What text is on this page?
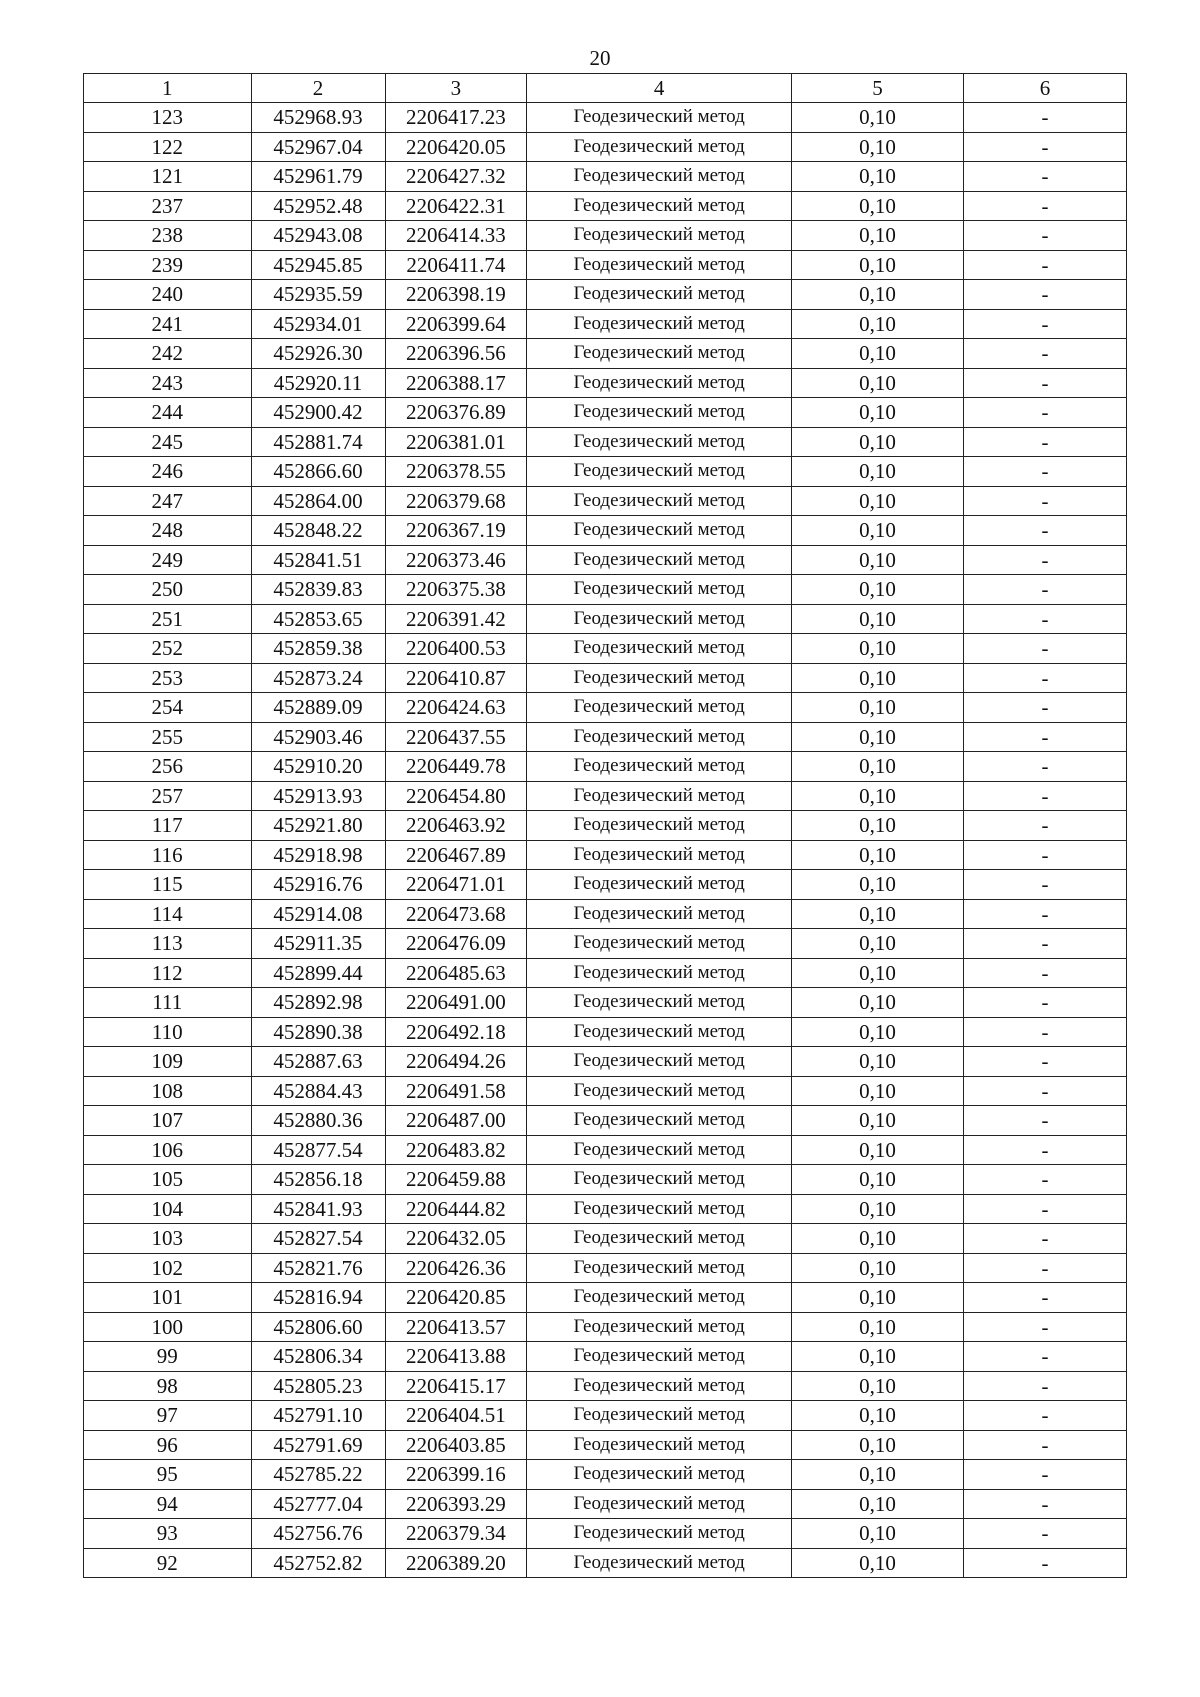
20
1	2	3	4	5	6
123	452968.93	2206417.23	Геодезический метод	0,10	-
122	452967.04	2206420.05	Геодезический метод	0,10	-
121	452961.79	2206427.32	Геодезический метод	0,10	-
237	452952.48	2206422.31	Геодезический метод	0,10	-
238	452943.08	2206414.33	Геодезический метод	0,10	-
239	452945.85	2206411.74	Геодезический метод	0,10	-
240	452935.59	2206398.19	Геодезический метод	0,10	-
241	452934.01	2206399.64	Геодезический метод	0,10	-
242	452926.30	2206396.56	Геодезический метод	0,10	-
243	452920.11	2206388.17	Геодезический метод	0,10	-
244	452900.42	2206376.89	Геодезический метод	0,10	-
245	452881.74	2206381.01	Геодезический метод	0,10	-
246	452866.60	2206378.55	Геодезический метод	0,10	-
247	452864.00	2206379.68	Геодезический метод	0,10	-
248	452848.22	2206367.19	Геодезический метод	0,10	-
249	452841.51	2206373.46	Геодезический метод	0,10	-
250	452839.83	2206375.38	Геодезический метод	0,10	-
251	452853.65	2206391.42	Геодезический метод	0,10	-
252	452859.38	2206400.53	Геодезический метод	0,10	-
253	452873.24	2206410.87	Геодезический метод	0,10	-
254	452889.09	2206424.63	Геодезический метод	0,10	-
255	452903.46	2206437.55	Геодезический метод	0,10	-
256	452910.20	2206449.78	Геодезический метод	0,10	-
257	452913.93	2206454.80	Геодезический метод	0,10	-
117	452921.80	2206463.92	Геодезический метод	0,10	-
116	452918.98	2206467.89	Геодезический метод	0,10	-
115	452916.76	2206471.01	Геодезический метод	0,10	-
114	452914.08	2206473.68	Геодезический метод	0,10	-
113	452911.35	2206476.09	Геодезический метод	0,10	-
112	452899.44	2206485.63	Геодезический метод	0,10	-
111	452892.98	2206491.00	Геодезический метод	0,10	-
110	452890.38	2206492.18	Геодезический метод	0,10	-
109	452887.63	2206494.26	Геодезический метод	0,10	-
108	452884.43	2206491.58	Геодезический метод	0,10	-
107	452880.36	2206487.00	Геодезический метод	0,10	-
106	452877.54	2206483.82	Геодезический метод	0,10	-
105	452856.18	2206459.88	Геодезический метод	0,10	-
104	452841.93	2206444.82	Геодезический метод	0,10	-
103	452827.54	2206432.05	Геодезический метод	0,10	-
102	452821.76	2206426.36	Геодезический метод	0,10	-
101	452816.94	2206420.85	Геодезический метод	0,10	-
100	452806.60	2206413.57	Геодезический метод	0,10	-
99	452806.34	2206413.88	Геодезический метод	0,10	-
98	452805.23	2206415.17	Геодезический метод	0,10	-
97	452791.10	2206404.51	Геодезический метод	0,10	-
96	452791.69	2206403.85	Геодезический метод	0,10	-
95	452785.22	2206399.16	Геодезический метод	0,10	-
94	452777.04	2206393.29	Геодезический метод	0,10	-
93	452756.76	2206379.34	Геодезический метод	0,10	-
92	452752.82	2206389.20	Геодезический метод	0,10	-
